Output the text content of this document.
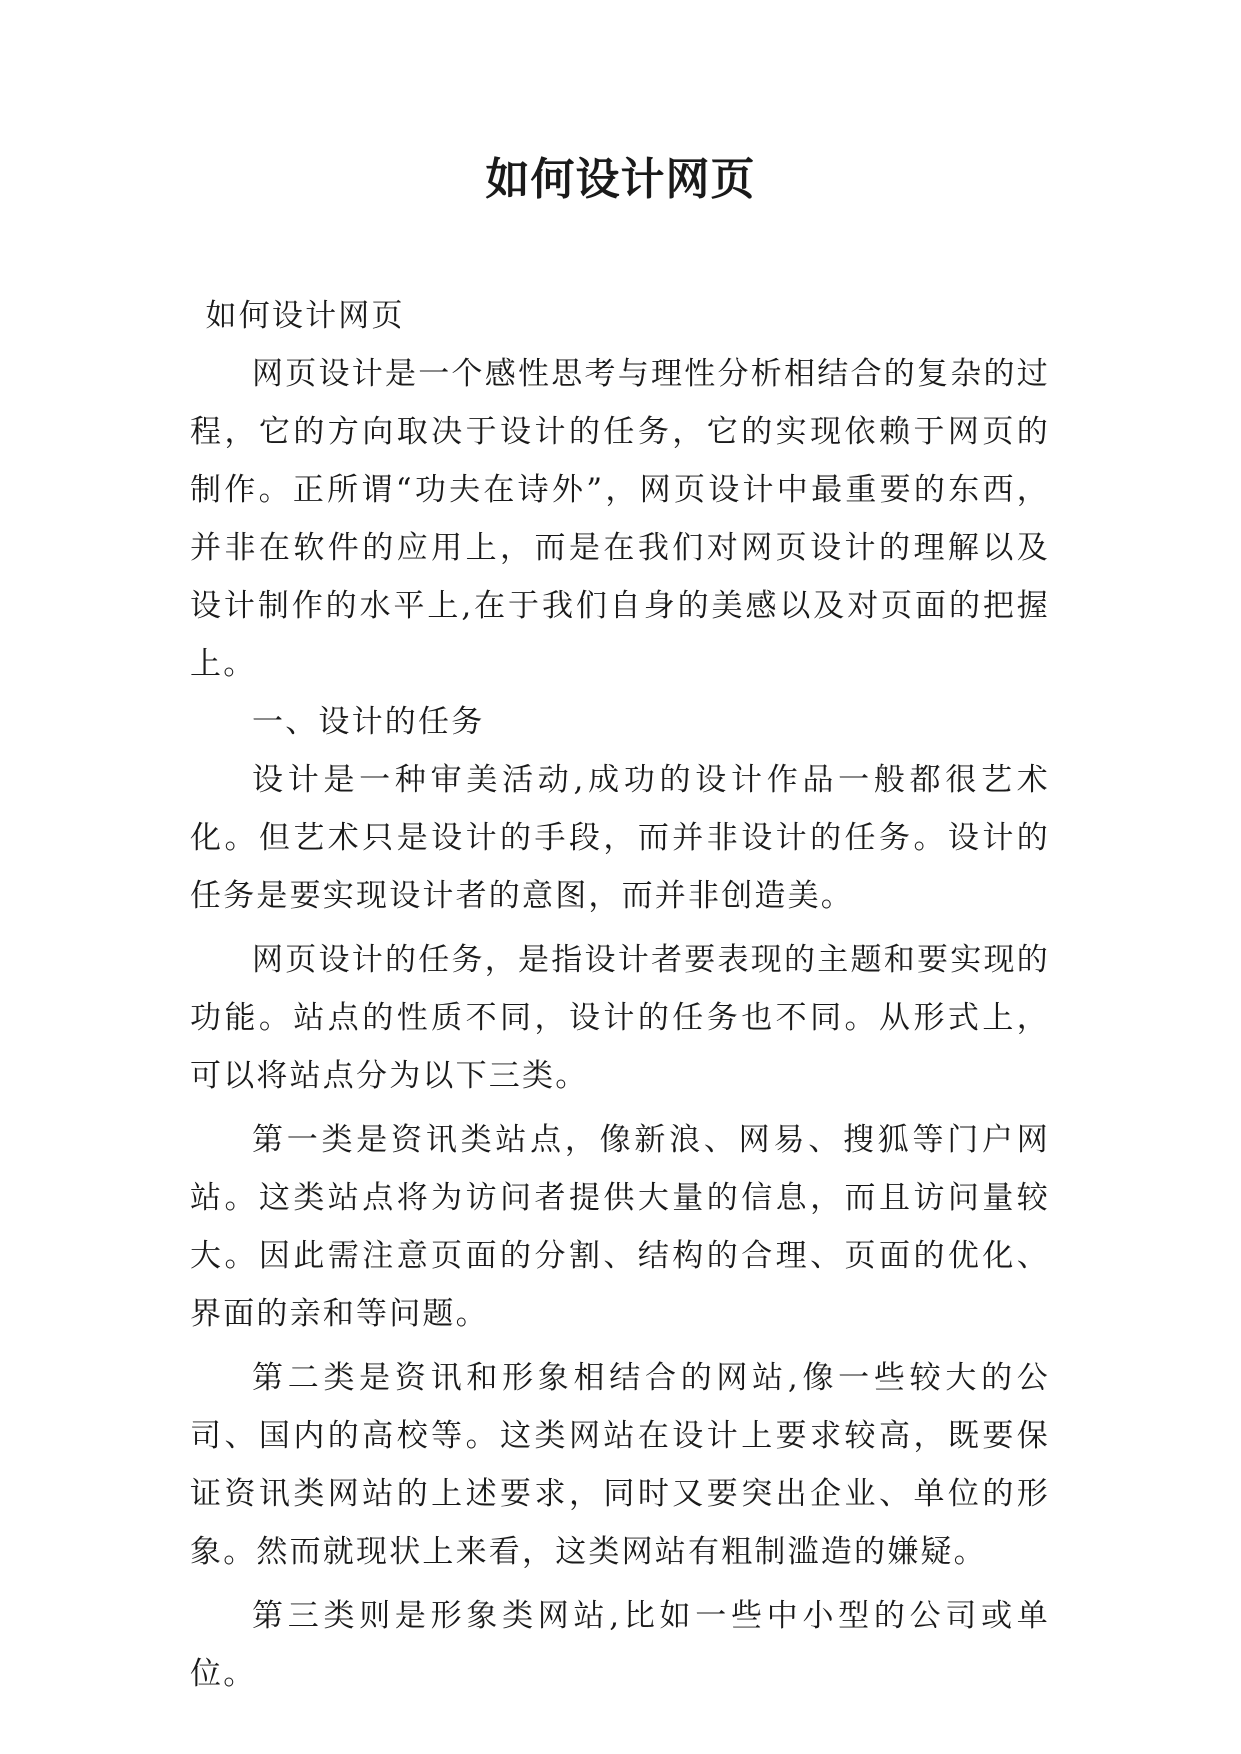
如何设计网页

如何设计网页

网页设计是一个感性思考与理性分析相结合的复杂的过程，它的方向取决于设计的任务，它的实现依赖于网页的制作。正所谓“功夫在诗外”，网页设计中最重要的东西，并非在软件的应用上，而是在我们对网页设计的理解以及设计制作的水平上,在于我们自身的美感以及对页面的把握上。

一、设计的任务

设计是一种审美活动,成功的设计作品一般都很艺术化。但艺术只是设计的手段，而并非设计的任务。设计的任务是要实现设计者的意图，而并非创造美。

网页设计的任务，是指设计者要表现的主题和要实现的功能。站点的性质不同，设计的任务也不同。从形式上，可以将站点分为以下三类。

第一类是资讯类站点，像新浪、网易、搜狐等门户网站。这类站点将为访问者提供大量的信息，而且访问量较大。因此需注意页面的分割、结构的合理、页面的优化、界面的亲和等问题。

第二类是资讯和形象相结合的网站,像一些较大的公司、国内的高校等。这类网站在设计上要求较高，既要保证资讯类网站的上述要求，同时又要突出企业、单位的形象。然而就现状上来看，这类网站有粗制滥造的嫌疑。

第三类则是形象类网站,比如一些中小型的公司或单位。
